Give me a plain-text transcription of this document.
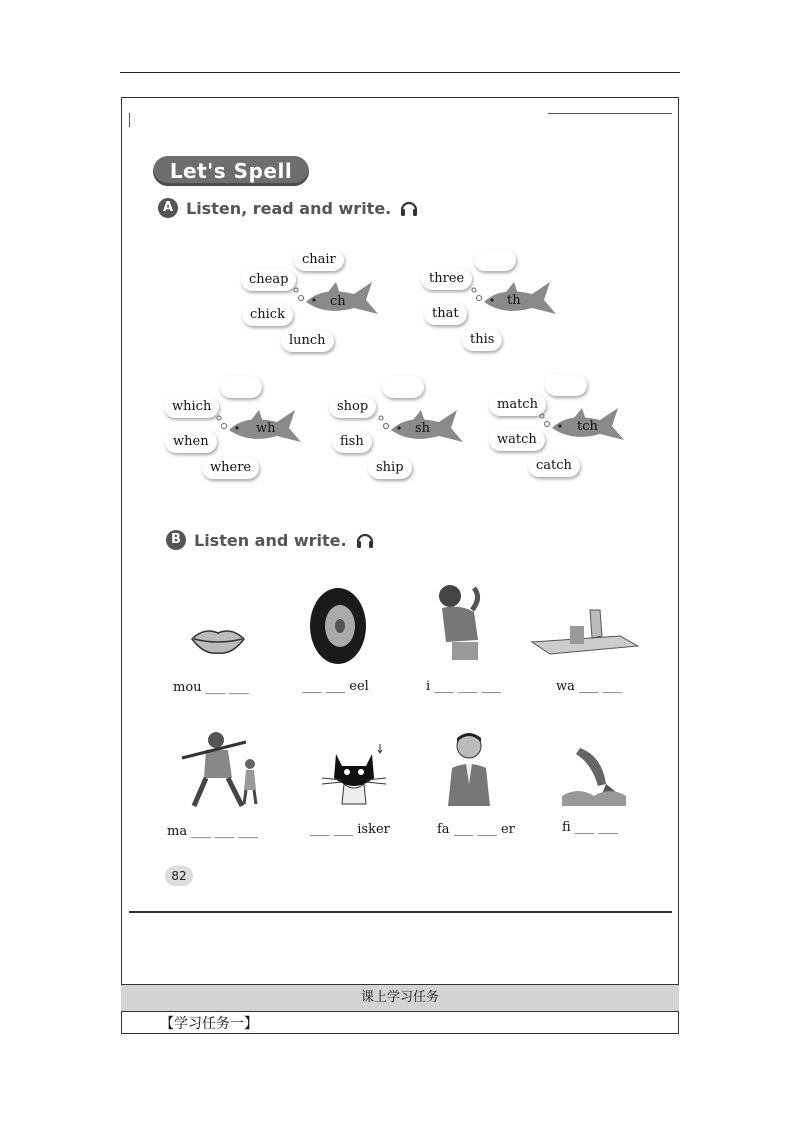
Let's Spell
A Listen, read and write.
chair
cheap
chick
lunch
ch
three
that
this
th
which
when
where
wh
shop
fish
ship
sh
match
watch
catch
tch
B Listen and write.
mou ___ ___	___ ___ eel	i ___ ___ ___	wa ___ ___
ma ___ ___ ___	___ ___ isker	fa ___ ___ er	fi ___ ___
82
课上学习任务
【学习任务一】
